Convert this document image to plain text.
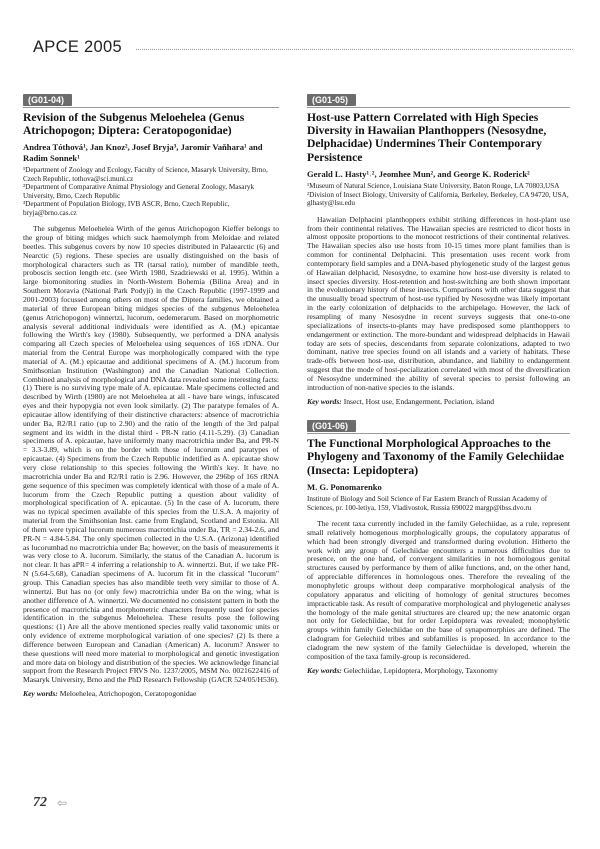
APCE 2005
(G01-04)
Revision of the Subgenus Meloehelea (Genus Atrichopogon; Diptera: Ceratopogonidae)
Andrea Tóthová¹, Jan Knoz², Josef Bryja³, Jaromír Vaňhara¹ and Radim Sonnek¹
¹Department of Zoology and Ecology, Faculty of Science, Masaryk University, Brno, Czech Republic, tothova@sci.muni.cz
²Department of Comparative Animal Physiology and General Zoology, Masaryk University, Brno, Czech Republic
³Department of Population Biology, IVB ASCR, Brno, Czech Republic, bryja@brno.cas.cz

The subgenus Meloehelea Wirth of the genus Atrichopogon Kieffer belongs to the group of biting midges which suck haemolymph from Meloidae and related beetles. This subgenus covers by now 10 species distributed in Palaearctic (6) and Nearctic (5) regions. These species are usually distinguished on the basis of morphological characters such as TR (tarsal ratio), number of mandible teeth, proboscis section length etc. (see Wirth 1980, Szadziewski et al. 1995). Within a large biomonitoring studies in North-Western Bohemia (Bílina Area) and in Southern Moravia (National Park Podyjí) in the Czech Republic (1997-1999 and 2001-2003) focussed among others on most of the Diptera families, we obtained a material of three European biting midges species of the subgenus Meloehelea (genus Atrichopogon) winnertzi, lucorum, oedemerarum. Based on morphometric analysis several additional individuals were identified as A. (M.) epicantae following the Wirth's key (1980). Subsequently, we performed a DNA analysis comparing all Czech species of Meloehelea using sequences of 16S rDNA. Our material from the Central Europe was morphologically compared with the type material of A. (M.) epicautae and additional specimens of A. (M.) lucorum from Smithsonian Institution (Washington) and the Canadian National Collection. Combined analysis of morphological and DNA data revealed some interesting facts: (1) There is no surviving type male of A. epicautae. Male specimens collected and described by Wirth (1980) are not Meloehelea at all - have bare wings, infuscated eyes and their hypopygia not even look similarly. (2) The paratype females of A. epicautae allow identifying of their distinctive characters: absence of macrotrichia under Ba, R2/R1 ratio (up to 2.90) and the ratio of the length of the 3rd palpal segment and its width in the distal third - PR-N ratio (4.11-5.29). (3) Canadian specimens of A. epicautae, have uniformly many macrotrichia under Ba, and PR-N = 3.3-3.89, which is on the border with those of lucorum and paratypes of epicautae. (4) Specimens from the Czech Republic indetified as A. epicautae show very close relationship to this species following the Wirth's key. It have no macrotrichia under Ba and R2/R1 ratio is 2.96. However, the 296bp of 16S rRNA gene sequence of this specimen was completely identical with those of a male of A. lucorum from the Czech Republic putting a question about validity of morphological specification of A. epicautae. (5) In the case of A. lucorum, there was no typical specimen available of this species from the U.S.A. A majority of material from the Smithsonian Inst. came from England, Scotland and Estonia. All of them were typical lucorum numerous macrotrichia under Ba, TR = 2.34-2.6, and PR-N = 4.84-5.84. The only specimen collected in the U.S.A. (Arizona) identified as lucorumhad no macrotrichia under Ba; however, on the basis of measurements it was very close to A. lucorum. Similarly, the status of the Canadian A. lucorum is not clear. It has aPR= 4 inferring a relationship to A. winnertzi. But, if we take PR-N (5.64-5.68), Canadian specimens of A. lucorum fit in the classical "lucorum" group. This Canadian species has also mandible teeth very similar to those of A. winnertzi. But has no (or only few) macrotrichia under Ba on the wing, what is another difference of A. winnertzi. We documented no consistent pattern in both the presence of macrotrichia and morphometric characters frequently used for species identification in the subgenus Meloehelea. These results pose the following questions: (1) Are all the above mentioned species really valid taxonomic units or only evidence of extreme morphological variation of one species? (2) Is there a difference between European and Canadian (American) A. lucorum? Answer to these questions will need more material to morphological and genetic investigation and more data on biology and distribution of the species. We acknowledge financial support from the Research Project FRVS No. 1237/2005, MSM No. 0021622416 of Masaryk University, Brno and the PhD Research Fellowship (GACR 524/05/H536).

Key words: Meloehelea, Atrichopogon, Ceratopogonidae
(G01-05)
Host-use Pattern Correlated with High Species Diversity in Hawaiian Planthoppers (Nesosydne, Delphacidae) Undermines Their Contemporary Persistence
Gerald L. Hasty¹˒², Jeomhee Mun², and George K. Roderick²
¹Museum of Natural Science, Louisiana State University, Baton Rouge, LA 70803,USA
²Division of Insect Biology, University of California, Berkeley, Berkeley, CA 94720, USA, glhasty@lsu.edu

Hawaiian Delphacini planthoppers exhibit striking differences in host-plant use from their continental relatives. The Hawaiian species are restricted to dicot hosts in almost opposite proportions to the monocot restrictions of their continental relatives. The Hawaiian species also use hosts from 10-15 times more plant families than is common for continental Delphacini. This presentation uses recent work from contemporary field samples and a DNA-based phylogenetic study of the largest genus of Hawaiian delphacid, Nesosydne, to examine how host-use diversity is related to insect species diversity. Host-retention and host-switching are both shown important in the evolutionary history of these insects. Comparisons with other data suggest that the unusually broad spectrum of host-use typified by Nesosydne was likely important in the early colonization of delphacids to the archipelago. However, the lack of resampling of many Nesosydne in recent surveys suggests that one-to-one specializations of insects-to-plants may have predisposed some planthoppers to endangerment or extinction. The more-bundant and widespread delphacids in Hawaii today are sets of species, descendants from separate colonizations, adapted to two dominant, native tree species found on all islands and a variety of habitats. These trade-offs between host-use, distribution, abundance, and liability to endangerment suggest that the mode of host-pecialization correlated with most of the diversification of Nesosydne undermined the ability of several species to persist following an introduction of non-native species to the islands.

Key words: Insect, Host use, Endangerment, Peciation, island
(G01-06)
The Functional Morphological Approaches to the Phylogeny and Taxonomy of the Family Gelechiidae (Insecta: Lepidoptera)
M. G. Ponomarenko
Institute of Biology and Soil Science of Far Eastern Branch of Russian Academy of Sciences, pr. 100-letiya, 159, Vladivostok, Russia 690022 margp@ibss.dvo.ru

The recent taxa currently included in the family Gelechiidae, as a rule, represent small relatively homogenous morphologically groups, the copulatory apparatus of which had been strongly diverged and transformed during evolution. Hitherto the work with any group of Gelechiidae encounters a numerous difficulties due to presence, on the one hand, of convergent similarities in not homologous genital structures caused by performance by them of alike functions, and, on the other hand, of appreciable differences in homologous ones. Therefore the revealing of the monophyletic groups without deep comparative morphological analysis of the copulatory apparatus and eliciting of homology of genital structures becomes impracticable task. As result of comparative morphological and phylogenetic analyses the homology of the male genital structures are cleared up; the new anatomic organ not only for Gelechiidae, but for order Lepidoptera was revealed; monophyletic groups within family Gelechiidae on the base of synapomorphies are defined. The cladogram for Gelechiid tribes and subfamilies is proposed. In accordance to the cladogram the new system of the family Gelechiidae is developed, wherein the composition of the taxa family-group is reconsidered.

Key words: Gelechiidae, Lepidoptera, Morphology, Taxonomy
72 ⇦
